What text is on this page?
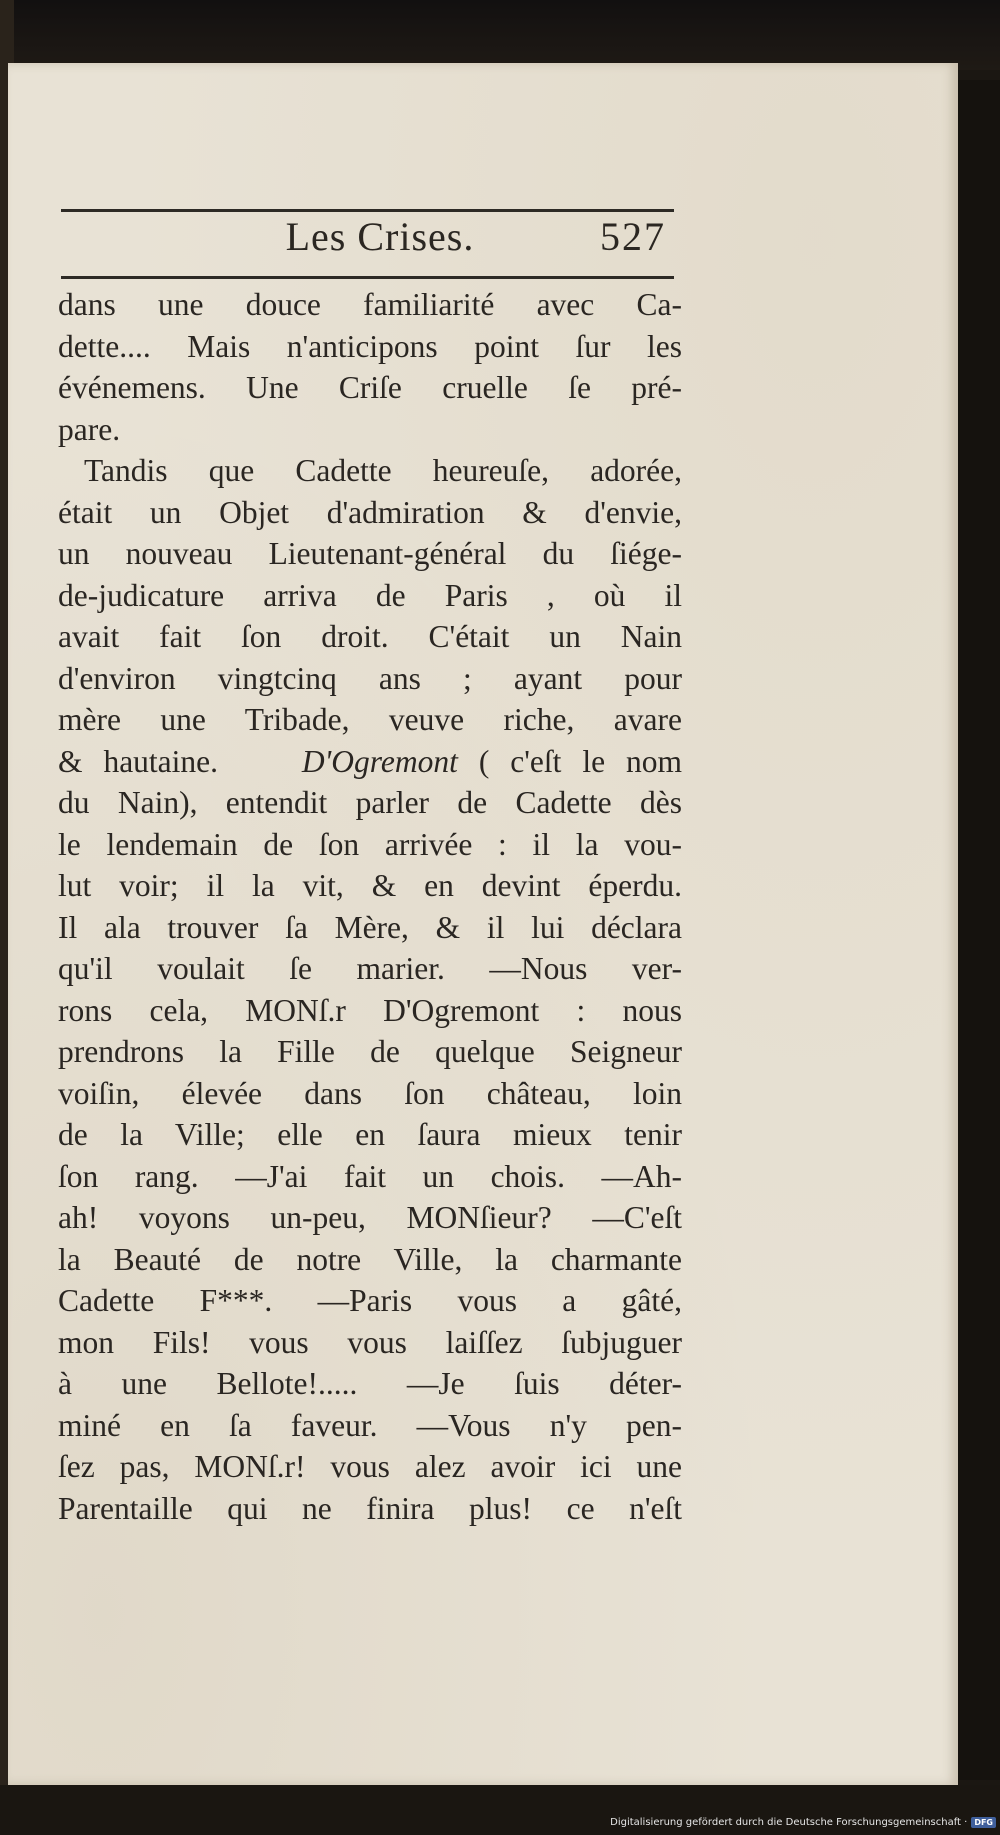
Les Crises.	527
dans une douce familiarité avec Ca-
dette.... Mais n'anticipons point ſur les
événemens. Une Criſe cruelle ſe pré-
pare.
Tandis que Cadette heureuſe, adorée,
était un Objet d'admiration & d'envie,
un nouveau Lieutenant-général du ſiége-
de-judicature arriva de Paris , où il
avait fait ſon droit. C'était un Nain
d'environ vingtcinq ans ; ayant pour
mère une Tribade, veuve riche, avare
& hautaine.	D'Ogremont ( c'eſt le nom
du Nain), entendit parler de Cadette dès
le lendemain de ſon arrivée : il la vou-
lut voir; il la vit, & en devint éperdu.
Il ala trouver ſa Mère, & il lui déclara
qu'il voulait ſe marier. —Nous ver-
rons cela, MONſ.r D'Ogremont : nous
prendrons la Fille de quelque Seigneur
voiſin, élevée dans ſon château, loin
de la Ville; elle en ſaura mieux tenir
ſon rang. —J'ai fait un chois. —Ah-
ah! voyons un-peu, MONſieur? —C'eſt
la Beauté de notre Ville, la charmante
Cadette F***. —Paris vous a gâté,
mon Fils! vous vous laiſſez ſubjuguer
à une Bellote!..... —Je ſuis déter-
miné en ſa faveur. —Vous n'y pen-
ſez pas, MONſ.r! vous alez avoir ici une
Parentaille qui ne finira plus! ce n'eſt
Digitalisierung gefördert durch die Deutsche Forschungsgemeinschaft · DFG
